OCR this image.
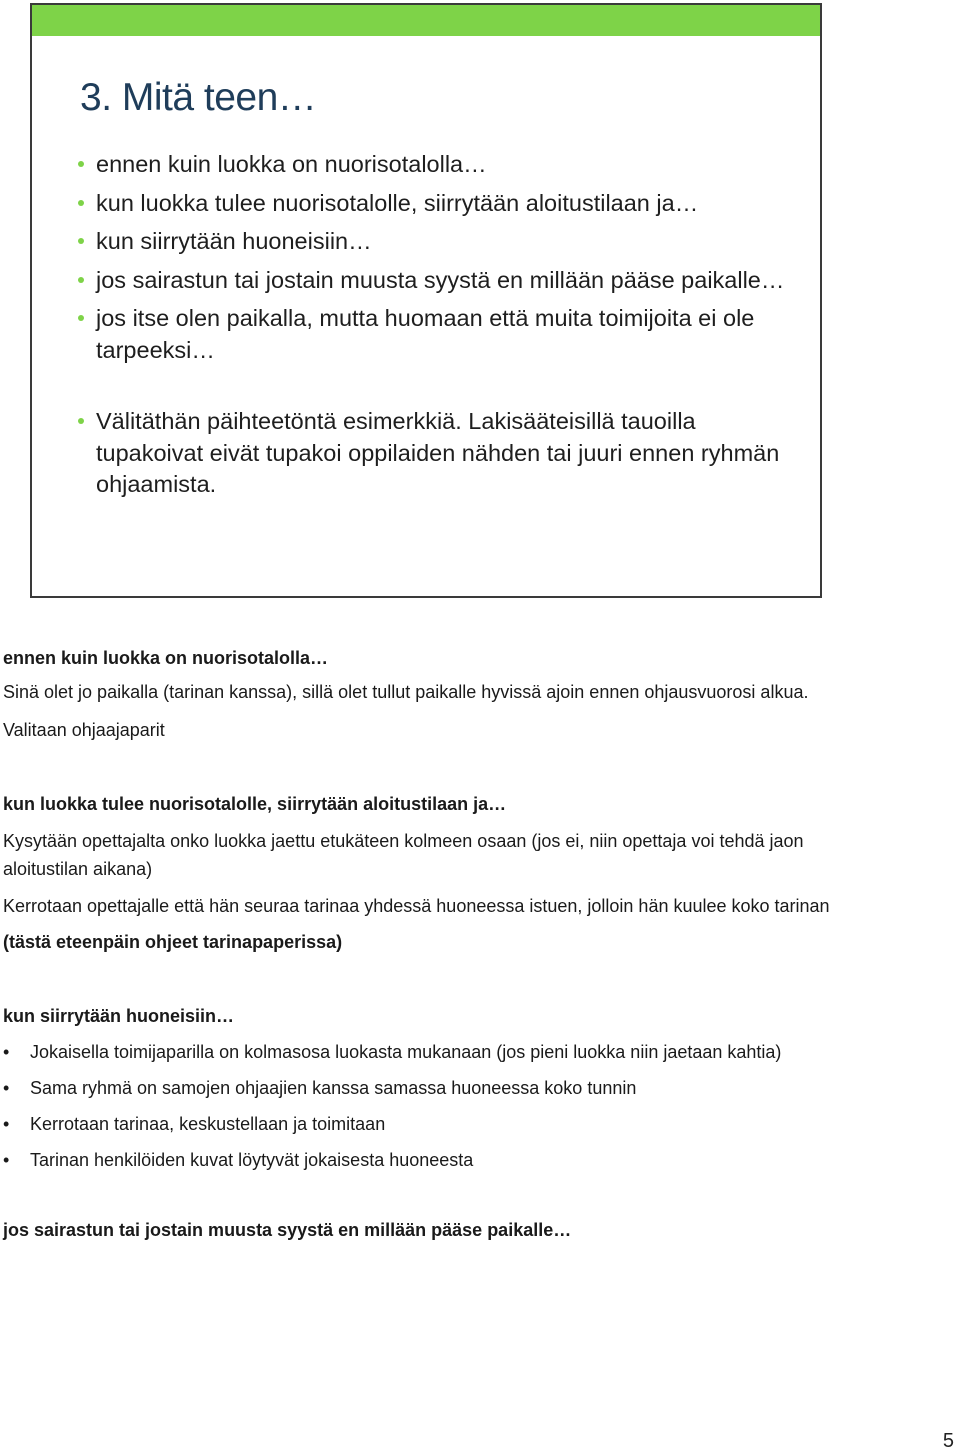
3. Mitä teen…
ennen kuin luokka on nuorisotalolla…
kun luokka tulee nuorisotalolle, siirrytään aloitustilaan ja…
kun siirrytään huoneisiin…
jos sairastun tai jostain muusta syystä en millään pääse paikalle…
jos itse olen paikalla, mutta huomaan että muita toimijoita ei ole tarpeeksi…
Välitäthän päihteetöntä esimerkkiä. Lakisääteisillä tauoilla tupakoivat eivät tupakoi oppilaiden nähden tai juuri ennen ryhmän ohjaamista.

ennen kuin luokka on nuorisotalolla…

Sinä olet jo paikalla (tarinan kanssa), sillä olet tullut paikalle hyvissä ajoin ennen ohjausvuorosi alkua.

Valitaan ohjaajaparit

kun luokka tulee nuorisotalolle, siirrytään aloitustilaan ja…

Kysytään opettajalta onko luokka jaettu etukäteen kolmeen osaan (jos ei, niin opettaja voi tehdä jaon aloitustilan aikana)

Kerrotaan opettajalle että hän seuraa tarinaa yhdessä huoneessa istuen, jolloin hän kuulee koko tarinan

(tästä eteenpäin ohjeet tarinapaperissa)

kun siirrytään huoneisiin…

• Jokaisella toimijaparilla on kolmasosa luokasta mukanaan (jos pieni luokka niin jaetaan kahtia)
• Sama ryhmä on samojen ohjaajien kanssa samassa huoneessa koko tunnin
• Kerrotaan tarinaa, keskustellaan ja toimitaan
• Tarinan henkilöiden kuvat löytyvät jokaisesta huoneesta

jos sairastun tai jostain muusta syystä en millään pääse paikalle…

5
